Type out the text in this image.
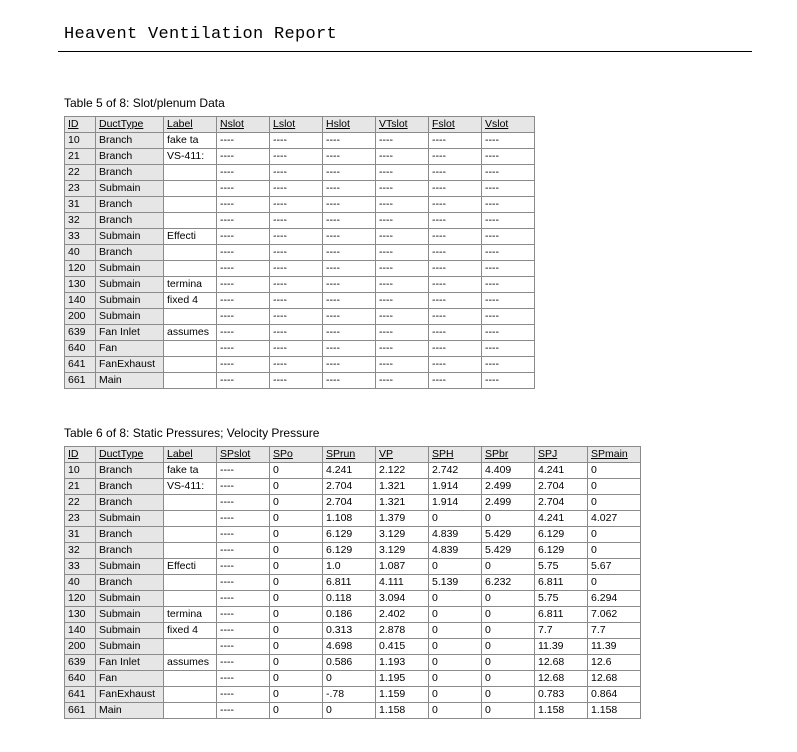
Heavent Ventilation Report
Table 5 of 8: Slot/plenum Data
ID	DuctType	Label	Nslot	Lslot	Hslot	VTslot	Fslot	Vslot
10	Branch	fake ta	----	----	----	----	----	----
21	Branch	VS-411:	----	----	----	----	----	----
22	Branch		----	----	----	----	----	----
23	Submain		----	----	----	----	----	----
31	Branch		----	----	----	----	----	----
32	Branch		----	----	----	----	----	----
33	Submain	Effecti	----	----	----	----	----	----
40	Branch		----	----	----	----	----	----
120	Submain		----	----	----	----	----	----
130	Submain	termina	----	----	----	----	----	----
140	Submain	fixed 4	----	----	----	----	----	----
200	Submain		----	----	----	----	----	----
639	Fan Inlet	assumes	----	----	----	----	----	----
640	Fan		----	----	----	----	----	----
641	FanExhaust		----	----	----	----	----	----
661	Main		----	----	----	----	----	----
Table 6 of 8: Static Pressures; Velocity Pressure
ID	DuctType	Label	SPslot	SPo	SPrun	VP	SPH	SPbr	SPJ	SPmain
10	Branch	fake ta	----	0	4.241	2.122	2.742	4.409	4.241	0
21	Branch	VS-411:	----	0	2.704	1.321	1.914	2.499	2.704	0
22	Branch		----	0	2.704	1.321	1.914	2.499	2.704	0
23	Submain		----	0	1.108	1.379	0	0	4.241	4.027
31	Branch		----	0	6.129	3.129	4.839	5.429	6.129	0
32	Branch		----	0	6.129	3.129	4.839	5.429	6.129	0
33	Submain	Effecti	----	0	1.0	1.087	0	0	5.75	5.67
40	Branch		----	0	6.811	4.111	5.139	6.232	6.811	0
120	Submain		----	0	0.118	3.094	0	0	5.75	6.294
130	Submain	termina	----	0	0.186	2.402	0	0	6.811	7.062
140	Submain	fixed 4	----	0	0.313	2.878	0	0	7.7	7.7
200	Submain		----	0	4.698	0.415	0	0	11.39	11.39
639	Fan Inlet	assumes	----	0	0.586	1.193	0	0	12.68	12.6
640	Fan		----	0	0	1.195	0	0	12.68	12.68
641	FanExhaust		----	0	-.78	1.159	0	0	0.783	0.864
661	Main		----	0	0	1.158	0	0	1.158	1.158
